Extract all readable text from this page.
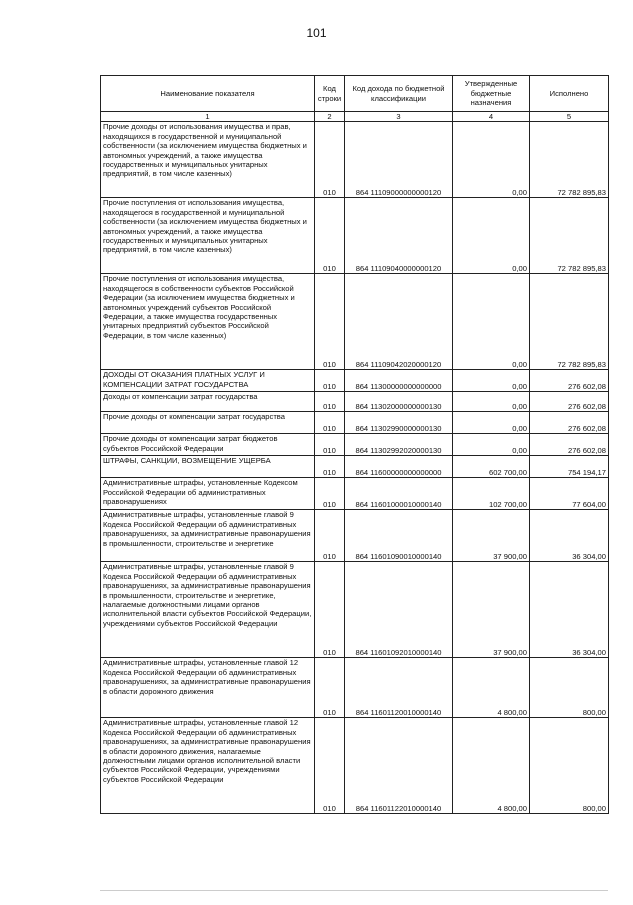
101
Наименование показателя	Код строки	Код дохода по бюджетной классификации	Утвержденные бюджетные назначения	Исполнено
1	2	3	4	5
Прочие доходы от использования имущества и прав, находящихся в государственной и муниципальной собственности (за исключением имущества бюджетных и автономных учреждений, а также имущества государственных и муниципальных унитарных предприятий, в том числе казенных)	010	864 11109000000000120	0,00	72 782 895,83
Прочие поступления от использования имущества, находящегося в государственной и муниципальной собственности (за исключением имущества бюджетных и автономных учреждений, а также имущества государственных и муниципальных унитарных предприятий, в том числе казенных)	010	864 11109040000000120	0,00	72 782 895,83
Прочие поступления от использования имущества, находящегося в собственности субъектов Российской Федерации (за исключением имущества бюджетных и автономных учреждений субъектов Российской Федерации, а также имущества государственных унитарных предприятий субъектов Российской Федерации, в том числе казенных)	010	864 11109042020000120	0,00	72 782 895,83
ДОХОДЫ ОТ ОКАЗАНИЯ ПЛАТНЫХ УСЛУГ И КОМПЕНСАЦИИ ЗАТРАТ ГОСУДАРСТВА	010	864 11300000000000000	0,00	276 602,08
Доходы от компенсации затрат государства	010	864 11302000000000130	0,00	276 602,08
Прочие доходы от компенсации затрат государства	010	864 11302990000000130	0,00	276 602,08
Прочие доходы от компенсации затрат бюджетов субъектов Российской Федерации	010	864 11302992020000130	0,00	276 602,08
ШТРАФЫ, САНКЦИИ, ВОЗМЕЩЕНИЕ УЩЕРБА	010	864 11600000000000000	602 700,00	754 194,17
Административные штрафы, установленные Кодексом Российской Федерации об административных правонарушениях	010	864 11601000010000140	102 700,00	77 604,00
Административные штрафы, установленные главой 9 Кодекса Российской Федерации об административных правонарушениях, за административные правонарушения в промышленности, строительстве и энергетике	010	864 11601090010000140	37 900,00	36 304,00
Административные штрафы, установленные главой 9 Кодекса Российской Федерации об административных правонарушениях, за административные правонарушения в промышленности, строительстве и энергетике, налагаемые должностными лицами органов исполнительной власти субъектов Российской Федерации, учреждениями субъектов Российской Федерации	010	864 11601092010000140	37 900,00	36 304,00
Административные штрафы, установленные главой 12 Кодекса Российской Федерации об административных правонарушениях, за административные правонарушения в области дорожного движения	010	864 11601120010000140	4 800,00	800,00
Административные штрафы, установленные главой 12 Кодекса Российской Федерации об административных правонарушениях, за административные правонарушения в области дорожного движения, налагаемые должностными лицами органов исполнительной власти субъектов Российской Федерации, учреждениями субъектов Российской Федерации	010	864 11601122010000140	4 800,00	800,00
